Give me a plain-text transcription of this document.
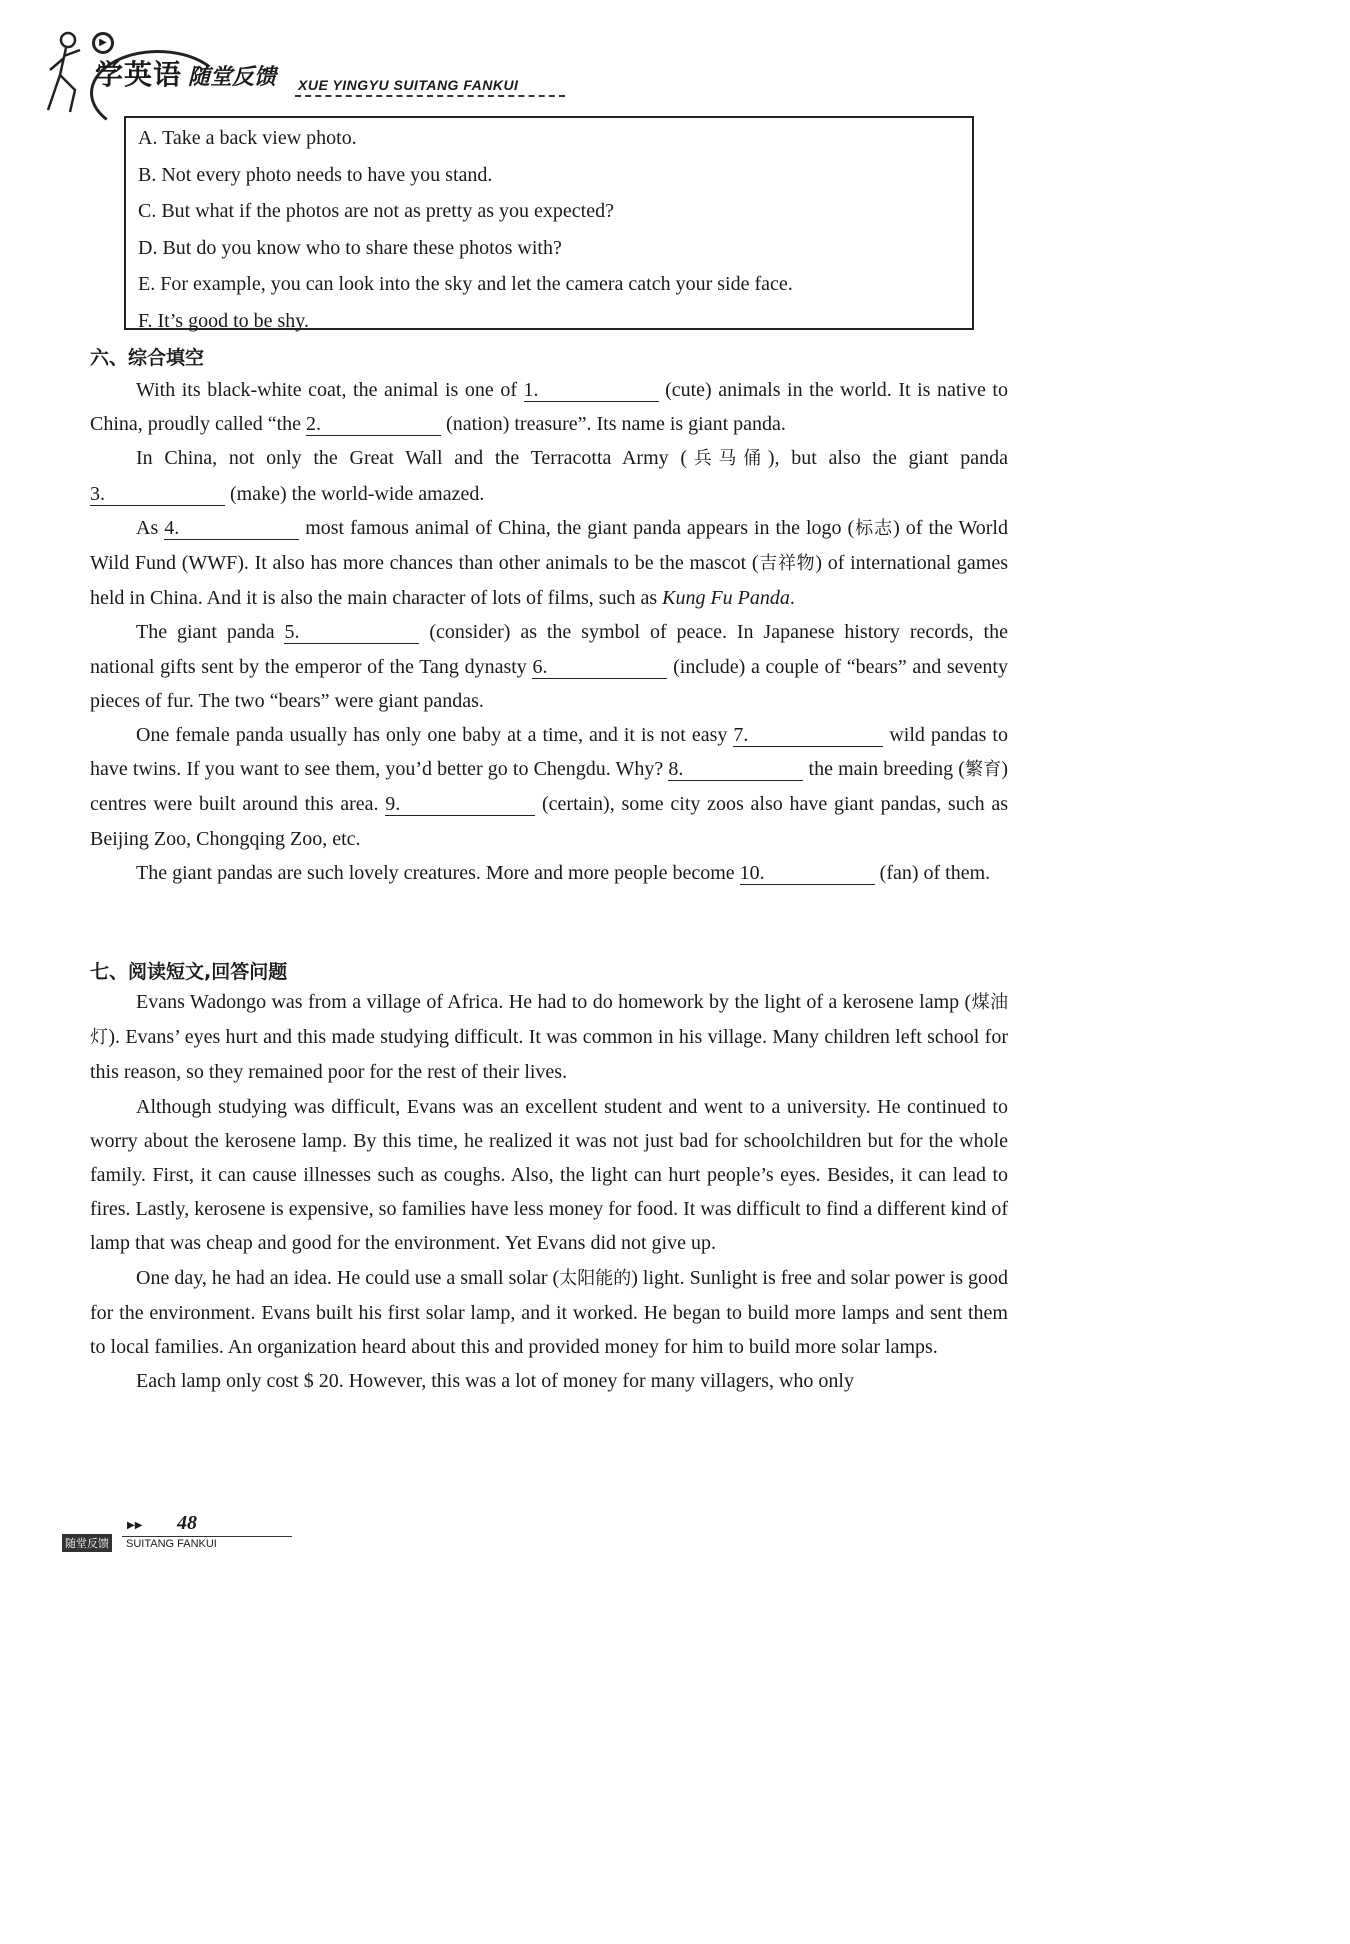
▶
学英语 随堂反馈 XUE YINGYU SUITANG FANKUI
A. Take a back view photo.
B. Not every photo needs to have you stand.
C. But what if the photos are not as pretty as you expected?
D. But do you know who to share these photos with?
E. For example, you can look into the sky and let the camera catch your side face.
F. It’s good to be shy.
六、综合填空

With its black-white coat, the animal is one of 1.	(cute) animals in the world. It is native to China, proudly called “the 2.	(nation) treasure”. Its name is giant panda.

In China, not only the Great Wall and the Terracotta Army (兵马俑), but also the giant panda 3.	(make) the world-wide amazed.

As 4.	most famous animal of China, the giant panda appears in the logo (标志) of the World Wild Fund (WWF). It also has more chances than other animals to be the mascot (吉祥物) of international games held in China. And it is also the main character of lots of films, such as Kung Fu Panda.

The giant panda 5.	(consider) as the symbol of peace. In Japanese history records, the national gifts sent by the emperor of the Tang dynasty 6.	(include) a couple of “bears” and seventy pieces of fur. The two “bears” were giant pandas.

One female panda usually has only one baby at a time, and it is not easy 7.	wild pandas to have twins. If you want to see them, you’d better go to Chengdu. Why? 8.	the main breeding (繁育) centres were built around this area. 9.	(certain), some city zoos also have giant pandas, such as Beijing Zoo, Chongqing Zoo, etc.

The giant pandas are such lovely creatures. More and more people become 10.	(fan) of them.

七、阅读短文,回答问题

Evans Wadongo was from a village of Africa. He had to do homework by the light of a kerosene lamp (煤油灯). Evans’ eyes hurt and this made studying difficult. It was common in his village. Many children left school for this reason, so they remained poor for the rest of their lives.

Although studying was difficult, Evans was an excellent student and went to a university. He continued to worry about the kerosene lamp. By this time, he realized it was not just bad for schoolchildren but for the whole family. First, it can cause illnesses such as coughs. Also, the light can hurt people’s eyes. Besides, it can lead to fires. Lastly, kerosene is expensive, so families have less money for food. It was difficult to find a different kind of lamp that was cheap and good for the environment. Yet Evans did not give up.

One day, he had an idea. He could use a small solar (太阳能的) light. Sunlight is free and solar power is good for the environment. Evans built his first solar lamp, and it worked. He began to build more lamps and sent them to local families. An organization heard about this and provided money for him to build more solar lamps.

Each lamp only cost $ 20. However, this was a lot of money for many villagers, who only

▶▶ 48
随堂反馈 SUITANG FANKUI
